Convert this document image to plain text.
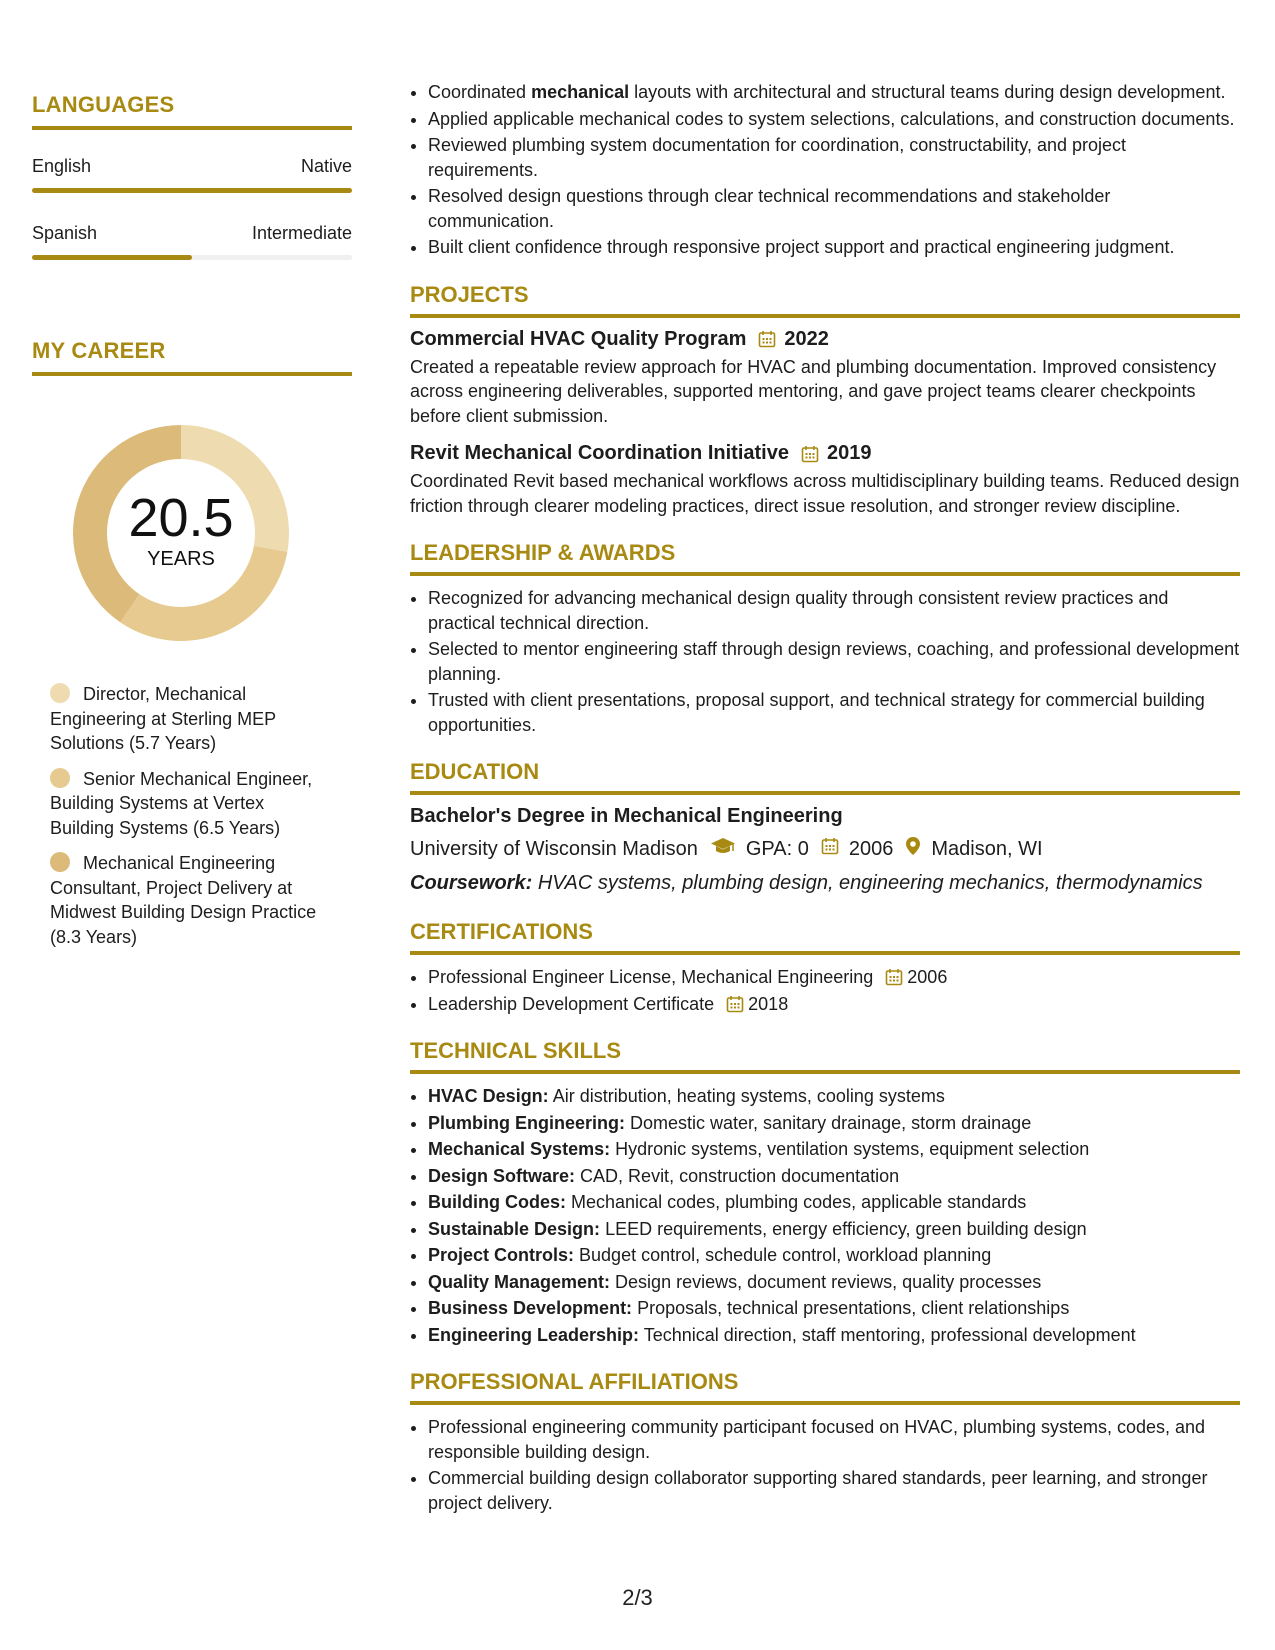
LANGUAGES
English	Native
Spanish	Intermediate
MY CAREER
20.5
YEARS
Director, Mechanical Engineering at Sterling MEP Solutions (5.7 Years)
Senior Mechanical Engineer, Building Systems at Vertex Building Systems (6.5 Years)
Mechanical Engineering Consultant, Project Delivery at Midwest Building Design Practice (8.3 Years)
• Coordinated mechanical layouts with architectural and structural teams during design development.
• Applied applicable mechanical codes to system selections, calculations, and construction documents.
• Reviewed plumbing system documentation for coordination, constructability, and project requirements.
• Resolved design questions through clear technical recommendations and stakeholder communication.
• Built client confidence through responsive project support and practical engineering judgment.
PROJECTS
Commercial HVAC Quality Program 2022
Created a repeatable review approach for HVAC and plumbing documentation. Improved consistency across engineering deliverables, supported mentoring, and gave project teams clearer checkpoints before client submission.
Revit Mechanical Coordination Initiative 2019
Coordinated Revit based mechanical workflows across multidisciplinary building teams. Reduced design friction through clearer modeling practices, direct issue resolution, and stronger review discipline.
LEADERSHIP & AWARDS
• Recognized for advancing mechanical design quality through consistent review practices and practical technical direction.
• Selected to mentor engineering staff through design reviews, coaching, and professional development planning.
• Trusted with client presentations, proposal support, and technical strategy for commercial building opportunities.
EDUCATION
Bachelor's Degree in Mechanical Engineering
University of Wisconsin Madison GPA: 0 2006 Madison, WI
Coursework: HVAC systems, plumbing design, engineering mechanics, thermodynamics
CERTIFICATIONS
• Professional Engineer License, Mechanical Engineering 2006
• Leadership Development Certificate 2018
TECHNICAL SKILLS
• HVAC Design: Air distribution, heating systems, cooling systems
• Plumbing Engineering: Domestic water, sanitary drainage, storm drainage
• Mechanical Systems: Hydronic systems, ventilation systems, equipment selection
• Design Software: CAD, Revit, construction documentation
• Building Codes: Mechanical codes, plumbing codes, applicable standards
• Sustainable Design: LEED requirements, energy efficiency, green building design
• Project Controls: Budget control, schedule control, workload planning
• Quality Management: Design reviews, document reviews, quality processes
• Business Development: Proposals, technical presentations, client relationships
• Engineering Leadership: Technical direction, staff mentoring, professional development
PROFESSIONAL AFFILIATIONS
• Professional engineering community participant focused on HVAC, plumbing systems, codes, and responsible building design.
• Commercial building design collaborator supporting shared standards, peer learning, and stronger project delivery.
2/3
